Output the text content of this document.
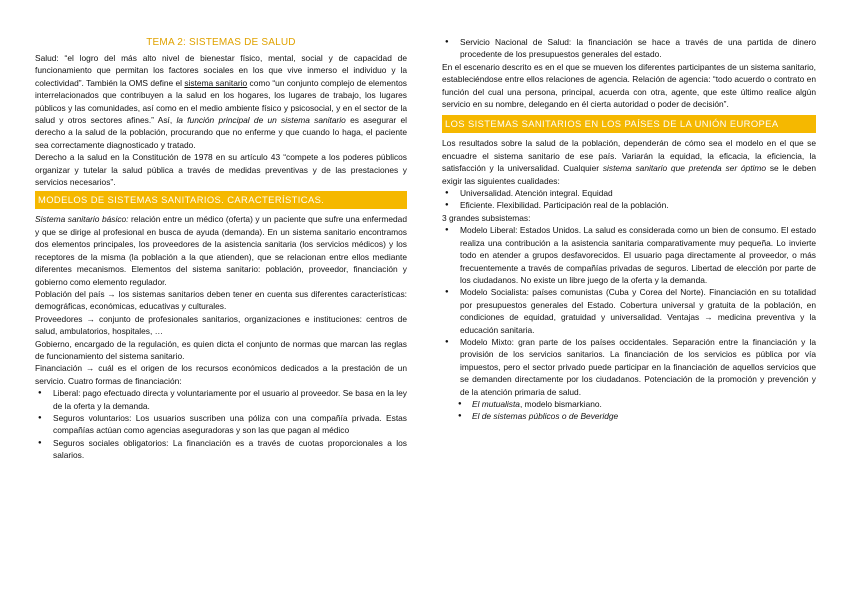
TEMA 2: SISTEMAS DE SALUD

Salud: “el logro del más alto nivel de bienestar físico, mental, social y de capacidad de funcionamiento que permitan los factores sociales en los que vive inmerso el individuo y la colectividad”. También la OMS define el sistema sanitario como “un conjunto complejo de elementos interrelacionados que contribuyen a la salud en los hogares, los lugares de trabajo, los lugares públicos y las comunidades, así como en el medio ambiente físico y psicosocial, y en el sector de la salud y otros sectores afines.” Así, la función principal de un sistema sanitario es asegurar el derecho a la salud de la población, procurando que no enferme y que cuando lo haga, el paciente sea correctamente diagnosticado y tratado.

Derecho a la salud en la Constitución de 1978 en su artículo 43 “compete a los poderes públicos organizar y tutelar la salud pública a través de medidas preventivas y de las prestaciones y servicios necesarios”.

MODELOS DE SISTEMAS SANITARIOS. CARACTERÍSTICAS.

Sistema sanitario básico: relación entre un médico (oferta) y un paciente que sufre una enfermedad y que se dirige al profesional en busca de ayuda (demanda). En un sistema sanitario encontramos dos elementos principales, los proveedores de la asistencia sanitaria (los servicios médicos) y los receptores de la misma (la población a la que atienden), que se relacionan entre ellos mediante diferentes mecanismos. Elementos del sistema sanitario: población, proveedor, financiación y gobierno como elemento regulador.

Población del país → los sistemas sanitarios deben tener en cuenta sus diferentes características: demográficas, económicas, educativas y culturales.

Proveedores → conjunto de profesionales sanitarios, organizaciones e instituciones: centros de salud, ambulatorios, hospitales, …

Gobierno, encargado de la regulación, es quien dicta el conjunto de normas que marcan las reglas de funcionamiento del sistema sanitario.

Financiación → cuál es el origen de los recursos económicos dedicados a la prestación de un servicio. Cuatro formas de financiación:

● Liberal: pago efectuado directa y voluntariamente por el usuario al proveedor. Se basa en la ley de la oferta y la demanda.
● Seguros voluntarios: Los usuarios suscriben una póliza con una compañía privada. Estas compañías actúan como agencias aseguradoras y son las que pagan al médico
● Seguros sociales obligatorios: La financiación es a través de cuotas proporcionales a los salarios.
● Servicio Nacional de Salud: la financiación se hace a través de una partida de dinero procedente de los presupuestos generales del estado.

En el escenario descrito es en el que se mueven los diferentes participantes de un sistema sanitario, estableciéndose entre ellos relaciones de agencia. Relación de agencia: “todo acuerdo o contrato en función del cual una persona, principal, acuerda con otra, agente, que este último realice algún servicio en su nombre, delegando en él cierta autoridad o poder de decisión”.

LOS SISTEMAS SANITARIOS EN LOS PAÍSES DE LA UNIÓN EUROPEA

Los resultados sobre la salud de la población, dependerán de cómo sea el modelo en el que se encuadre el sistema sanitario de ese país. Variarán la equidad, la eficacia, la eficiencia, la satisfacción y la universalidad. Cualquier sistema sanitario que pretenda ser óptimo se le deben exigir las siguientes cualidades:

● Universalidad. Atención integral. Equidad
● Eficiente. Flexibilidad. Participación real de la población.

3 grandes subsistemas:

● Modelo Liberal: Estados Unidos. La salud es considerada como un bien de consumo. El estado realiza una contribución a la asistencia sanitaria comparativamente muy pequeña. Lo invierte todo en atender a grupos desfavorecidos. El usuario paga directamente al proveedor, o más frecuentemente a través de compañías privadas de seguros. Libertad de elección por parte de los ciudadanos. No existe un libre juego de la oferta y la demanda.
● Modelo Socialista: países comunistas (Cuba y Corea del Norte). Financiación en su totalidad por presupuestos generales del Estado. Cobertura universal y gratuita de la población, en condiciones de equidad, gratuidad y universalidad. Ventajas → medicina preventiva y la educación sanitaria.
● Modelo Mixto: gran parte de los países occidentales. Separación entre la financiación y la provisión de los servicios sanitarios. La financiación de los servicios es pública por vía impuestos, pero el sector privado puede participar en la financiación de aquellos servicios que se demanden directamente por los ciudadanos. Potenciación de la promoción y prevención y de la atención primaria de salud.
● El mutualista, modelo bismarkiano.
● El de sistemas públicos o de Beveridge
